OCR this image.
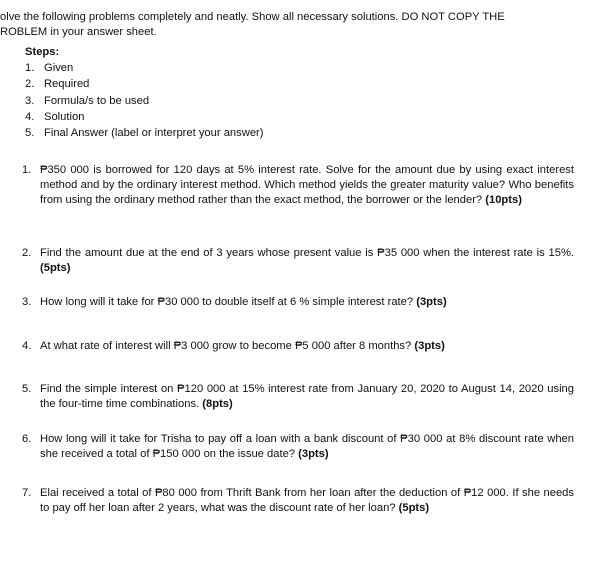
olve the following problems completely and neatly. Show all necessary solutions. DO NOT COPY THE

ROBLEM in your answer sheet.

Steps:
1. Given
2. Required
3. Formula/s to be used
4. Solution
5. Final Answer (label or interpret your answer)
1. ₱350 000 is borrowed for 120 days at 5% interest rate. Solve for the amount due by using exact interest method and by the ordinary interest method. Which method yields the greater maturity value? Who benefits from using the ordinary method rather than the exact method, the borrower or the lender? (10pts)
2. Find the amount due at the end of 3 years whose present value is ₱35 000 when the interest rate is 15%. (5pts)
3. How long will it take for ₱30 000 to double itself at 6 % simple interest rate? (3pts)
4. At what rate of interest will ₱3 000 grow to become ₱5 000 after 8 months? (3pts)
5. Find the simple interest on ₱120 000 at 15% interest rate from January 20, 2020 to August 14, 2020 using the four-time time combinations. (8pts)
6. How long will it take for Trisha to pay off a loan with a bank discount of ₱30 000 at 8% discount rate when she received a total of ₱150 000 on the issue date? (3pts)
7. Elai received a total of ₱80 000 from Thrift Bank from her loan after the deduction of ₱12 000. If she needs to pay off her loan after 2 years, what was the discount rate of her loan? (5pts)
